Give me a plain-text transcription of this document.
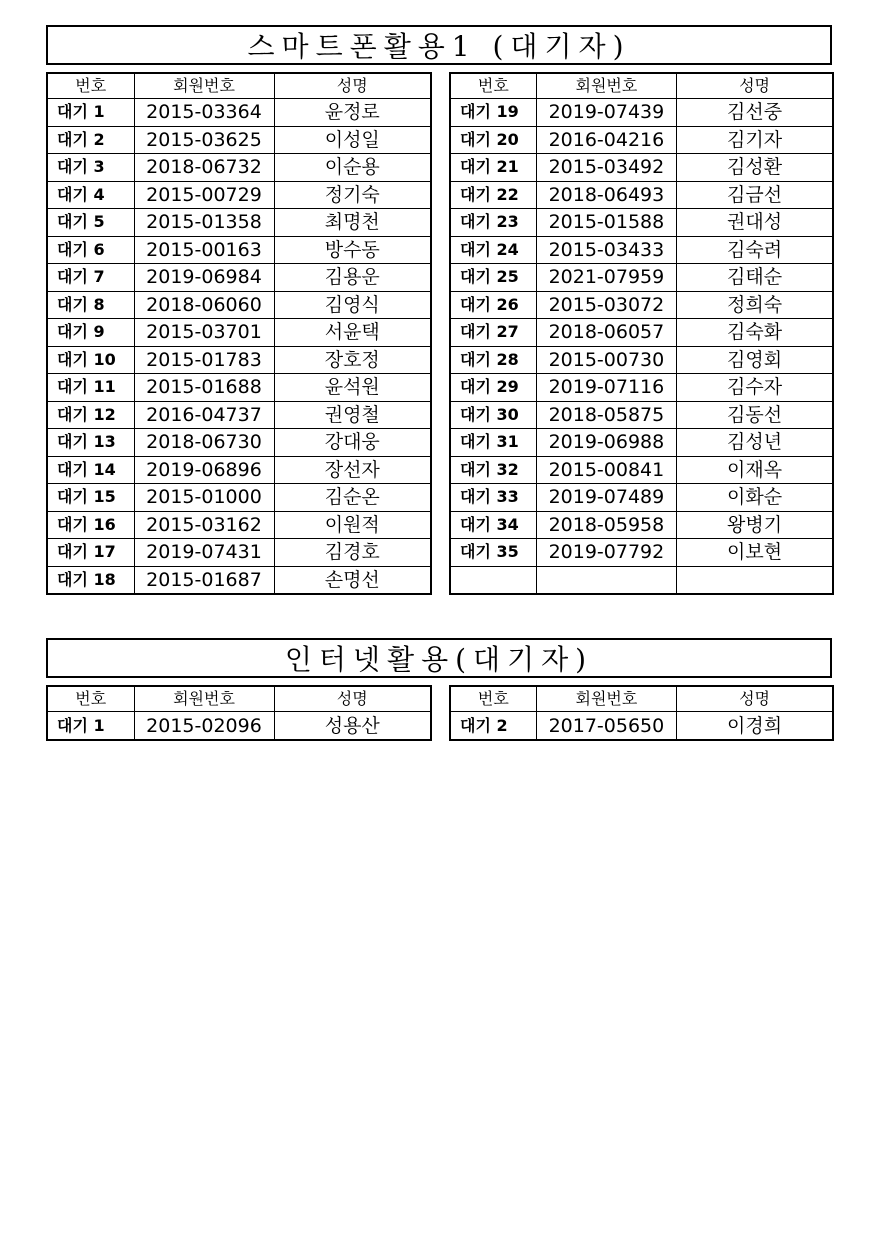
스마트폰활용1 (대기자)
번호	회원번호	성명
대기 1	2015-03364	윤정로
대기 2	2015-03625	이성일
대기 3	2018-06732	이순용
대기 4	2015-00729	정기숙
대기 5	2015-01358	최명천
대기 6	2015-00163	방수동
대기 7	2019-06984	김용운
대기 8	2018-06060	김영식
대기 9	2015-03701	서윤택
대기 10	2015-01783	장호정
대기 11	2015-01688	윤석원
대기 12	2016-04737	권영철
대기 13	2018-06730	강대웅
대기 14	2019-06896	장선자
대기 15	2015-01000	김순온
대기 16	2015-03162	이원적
대기 17	2019-07431	김경호
대기 18	2015-01687	손명선
번호	회원번호	성명
대기 19	2019-07439	김선중
대기 20	2016-04216	김기자
대기 21	2015-03492	김성환
대기 22	2018-06493	김금선
대기 23	2015-01588	권대성
대기 24	2015-03433	김숙려
대기 25	2021-07959	김태순
대기 26	2015-03072	정희숙
대기 27	2018-06057	김숙화
대기 28	2015-00730	김영회
대기 29	2019-07116	김수자
대기 30	2018-05875	김동선
대기 31	2019-06988	김성년
대기 32	2015-00841	이재옥
대기 33	2019-07489	이화순
대기 34	2018-05958	왕병기
대기 35	2019-07792	이보현

인터넷활용(대기자)
번호	회원번호	성명
대기 1	2015-02096	성용산
번호	회원번호	성명
대기 2	2017-05650	이경희
